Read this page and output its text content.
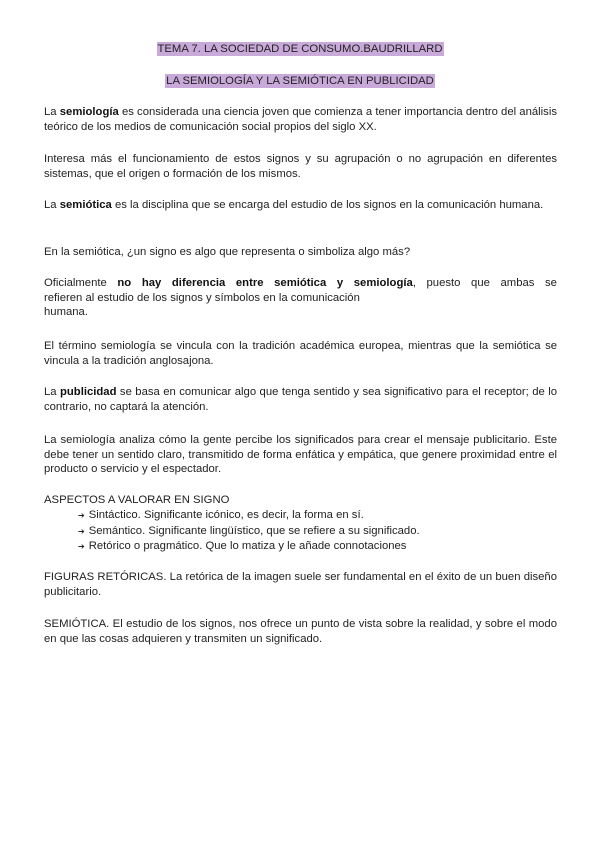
TEMA 7. LA SOCIEDAD DE CONSUMO.BAUDRILLARD
LA SEMIOLOGÍA Y LA SEMIÓTICA EN PUBLICIDAD

La semiología es considerada una ciencia joven que comienza a tener importancia dentro del análisis teórico de los medios de comunicación social propios del siglo XX.

Interesa más el funcionamiento de estos signos y su agrupación o no agrupación en diferentes sistemas, que el origen o formación de los mismos.

La semiótica es la disciplina que se encarga del estudio de los signos en la comunicación humana.

En la semiótica, ¿un signo es algo que representa o simboliza algo más?

Oficialmente no hay diferencia entre semiótica y semiología, puesto que ambas se
refieren al estudio de los signos y símbolos en la comunicación
humana.

El término semiología se vincula con la tradición académica europea, mientras que la semiótica se vincula a la tradición anglosajona.

La publicidad se basa en comunicar algo que tenga sentido y sea significativo para el receptor; de lo contrario, no captará la atención.

La semiología analiza cómo la gente percibe los significados para crear el mensaje publicitario. Este debe tener un sentido claro, transmitido de forma enfática y empática, que genere proximidad entre el producto o servicio y el espectador.

ASPECTOS A VALORAR EN SIGNO
➔ Sintáctico. Significante icónico, es decir, la forma en sí.
➔ Semántico. Significante lingüístico, que se refiere a su significado.
➔ Retórico o pragmático. Que lo matiza y le añade connotaciones

FIGURAS RETÓRICAS. La retórica de la imagen suele ser fundamental en el éxito de un buen diseño publicitario.

SEMIÓTICA. El estudio de los signos, nos ofrece un punto de vista sobre la realidad, y sobre el modo en que las cosas adquieren y transmiten un significado.
